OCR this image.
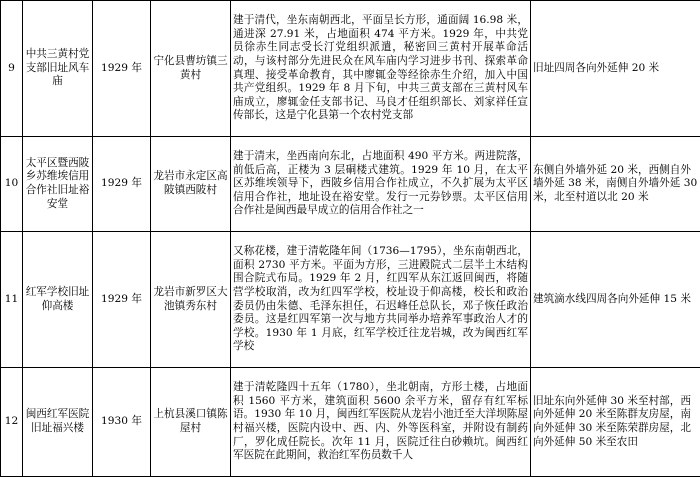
9	中共三黄村党支部旧址风车庙	1929 年	宁化县曹坊镇三黄村	建于清代，坐东南朝西北，平面呈长方形，通面阔 16.98 米，通进深 27.91 米，占地面积 474 平方米。1929 年，中共党员徐赤生同志受长汀党组织派遣，秘密回三黄村开展革命活动，与该村部分先进民众在风车庙内学习进步书刊、探索革命真理、接受革命教育，其中廖辄金等经徐赤生介绍，加入中国共产党组织。1929 年 8 月下旬，中共三黄支部在三黄村风车庙成立，廖辄金任支部书记、马良才任组织部长、刘家祥任宣传部长，这是宁化县第一个农村党支部	旧址四周各向外延伸 20 米
10	太平区暨西陂乡苏维埃信用合作社旧址裕安堂	1929 年	龙岩市永定区高陂镇西陂村	建于清末，坐西南向东北，占地面积 490 平方米。两进院落，前低后高，正楼为 3 层硐楼式建筑。1929 年 10 月，在太平区苏维埃领导下，西陂乡信用合作社成立，不久扩展为太平区信用合作社，地址设在裕安堂。发行一元券钞票。太平区信用合作社是闽西最早成立的信用合作社之一	东侧自外墙外延 20 米，西侧自外墙外延 38 米，南侧自外墙外延 30 米，北至村道以北 20 米
11	红军学校旧址仰高楼	1929 年	龙岩市新罗区大池镇秀东村	又称花楼，建于清乾隆年间（1736—1795），坐东南朝西北，面积 2730 平方米。平面为方形，三进殿院式二层半土木结构围合院式布局。1929 年 2 月，红四军从东江返回闽西，将随营学校取消，改为红四军学校，校址设于仰高楼，校长和政治委员仍由朱德、毛泽东担任，石迟峰任总队长，邓子恢任政治委员。这是红四军第一次与地方共同举办培养军事政治人才的学校。1930 年 1 月底，红军学校迁往龙岩城，改为闽西红军学校	建筑滴水线四周各向外延伸 15 米
12	闽西红军医院旧址福兴楼	1930 年	上杭县溪口镇陈屋村	建于清乾隆四十五年（1780），坐北朝南，方形土楼，占地面积 1560 平方米，建筑面积 5600 余平方米，留存有红军标语。1930 年 10 月，闽西红军医院从龙岩小池迁至大洋坝陈屋村福兴楼，医院内设中、西、内、外等医科室，并附设有制药厂，罗化成任院长。次年 11 月，医院迁往白砂赖坑。闽西红军医院在此期间，救治红军伤员数千人	旧址东向外延伸 30 米至村部，西向外延伸 20 米至陈群友房屋，南向外延伸 30 米至陈荣群房屋，北向外延伸 50 米至农田
